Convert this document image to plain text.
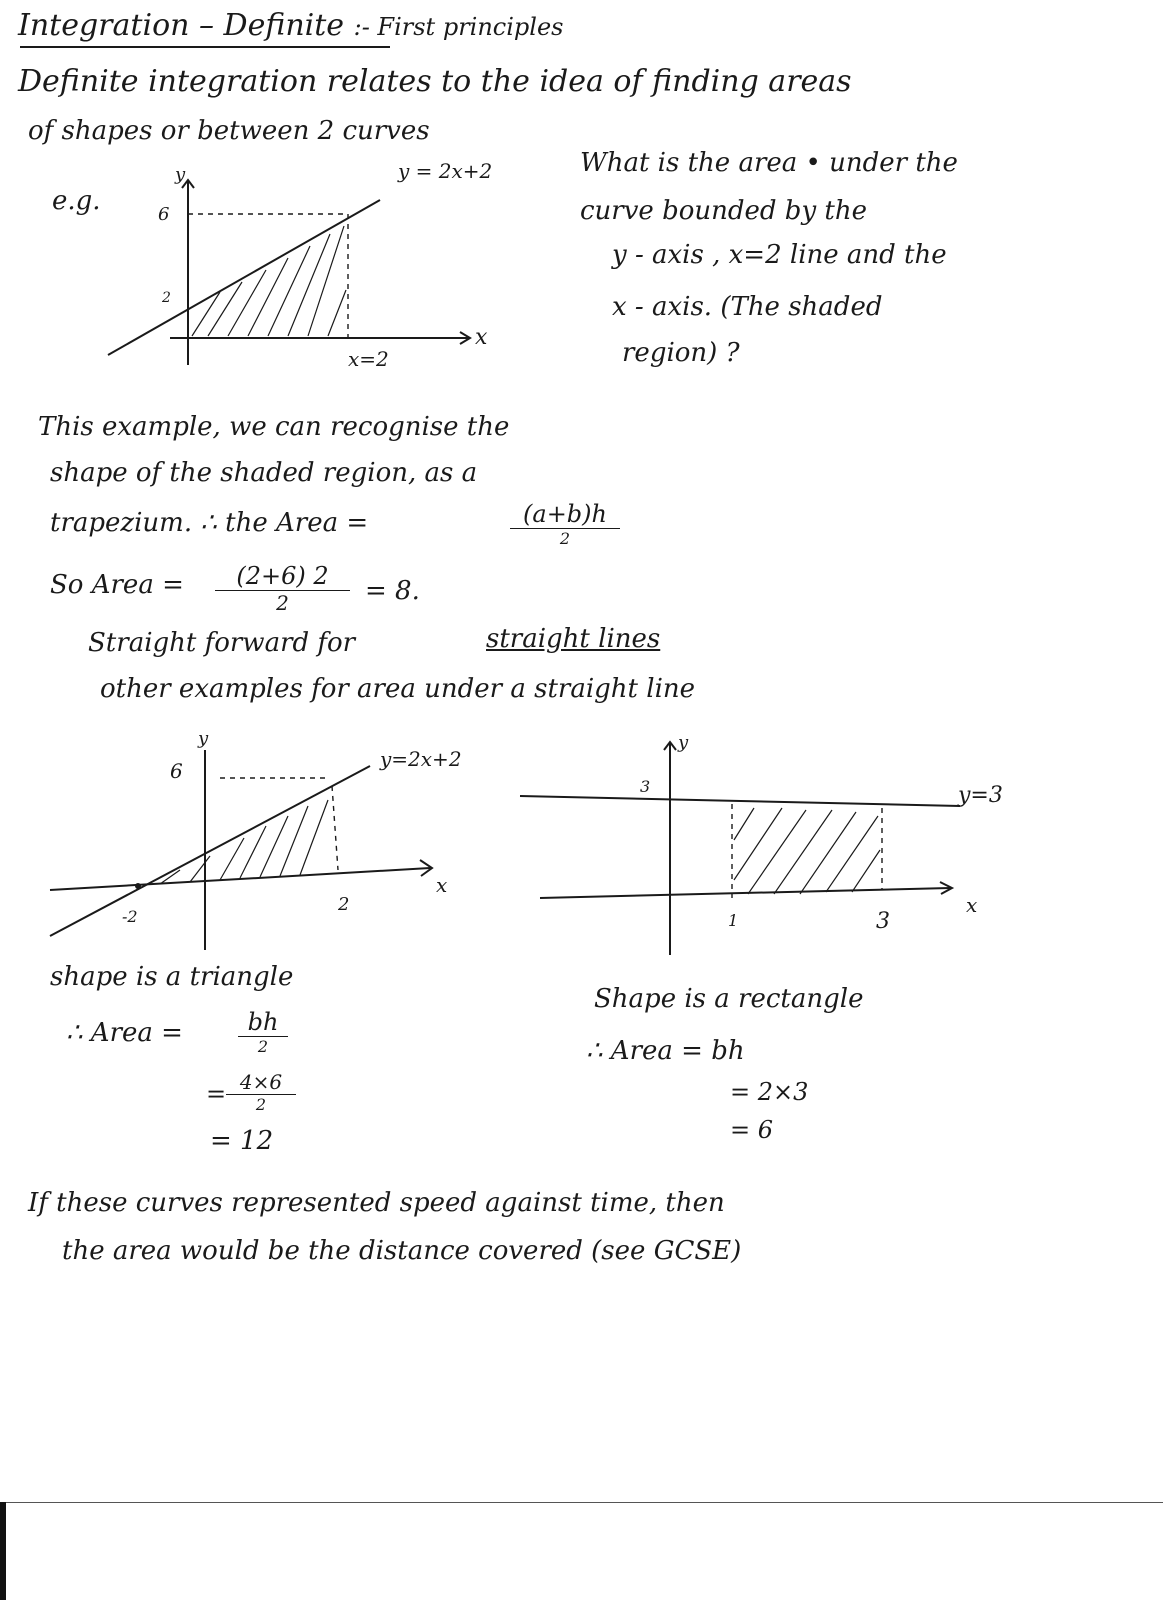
Integration – Definite :- First principles
Definite integration relates to the idea of finding areas
of shapes or between 2 curves
e.g.
What is the area • under the
curve bounded by the
y - axis , x=2 line and the
x - axis. (The shaded
region) ?
y
x
6
2
y = 2x+2
x=2
This example, we can recognise the
shape of the shaded region, as a
trapezium. ∴ the Area =	(a+b)h
2
So Area =	(2+6) 2
2	= 8.
Straight forward for	straight lines
other examples for area under a straight line
y
6	y=2x+2
x
-2
2
y
3	y=3
x
1	3
shape is a triangle
∴ Area =	bh
2
= 4×6
2
= 12
Shape is a rectangle
∴ Area = bh
= 2×3
= 6
If these curves represented speed against time, then
the area would be the distance covered (see GCSE)
